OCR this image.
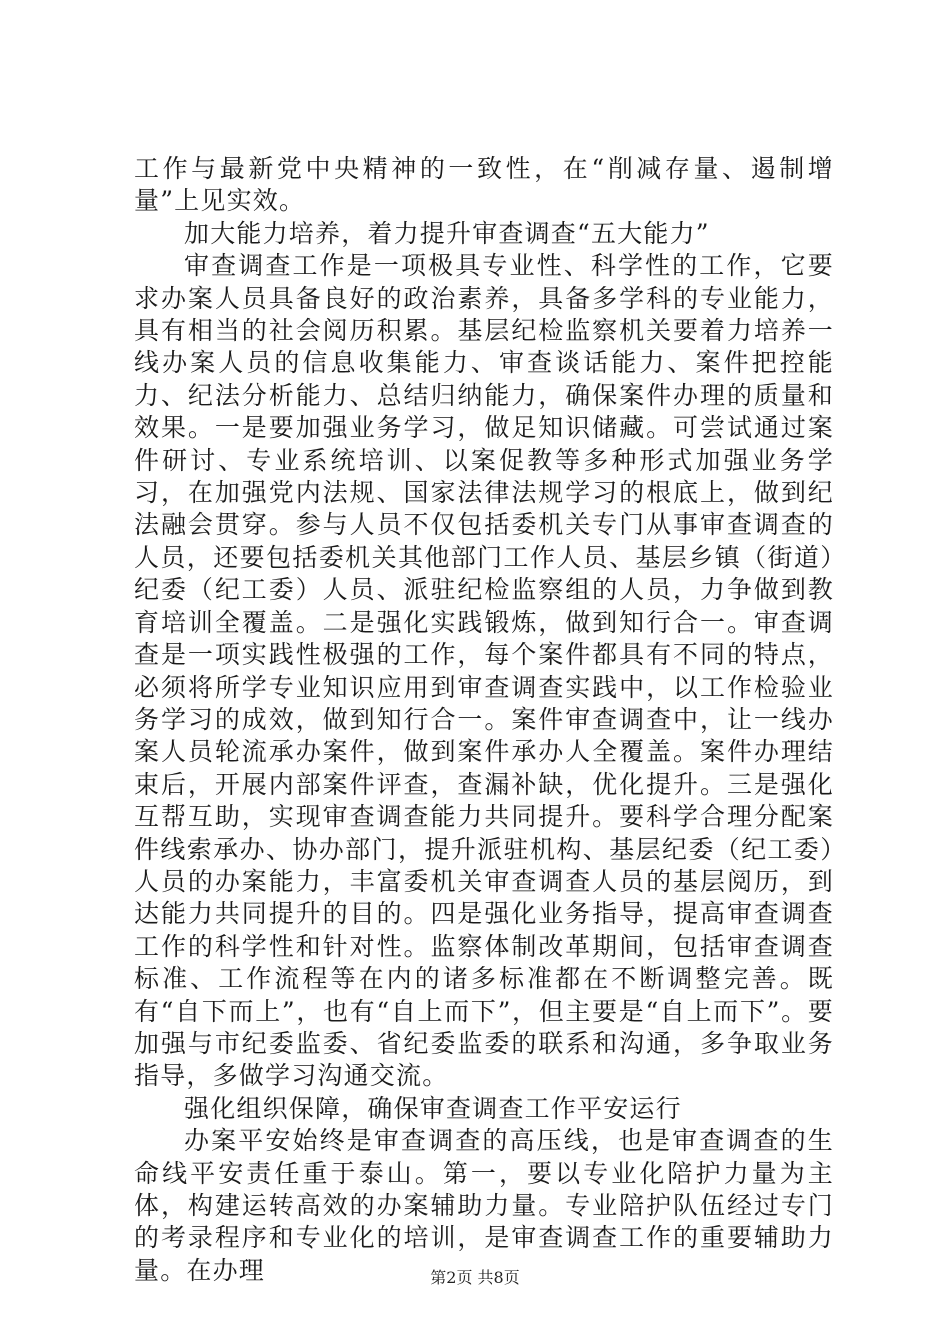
工作与最新党中央精神的一致性，在“削减存量、遏制增量”上见实效。

加大能力培养，着力提升审查调查“五大能力”

审查调查工作是一项极具专业性、科学性的工作，它要求办案人员具备良好的政治素养，具备多学科的专业能力，具有相当的社会阅历积累。基层纪检监察机关要着力培养一线办案人员的信息收集能力、审查谈话能力、案件把控能力、纪法分析能力、总结归纳能力，确保案件办理的质量和效果。一是要加强业务学习，做足知识储藏。可尝试通过案件研讨、专业系统培训、以案促教等多种形式加强业务学习，在加强党内法规、国家法律法规学习的根底上，做到纪法融会贯穿。参与人员不仅包括委机关专门从事审查调查的人员，还要包括委机关其他部门工作人员、基层乡镇（街道）纪委（纪工委）人员、派驻纪检监察组的人员，力争做到教育培训全覆盖。二是强化实践锻炼，做到知行合一。审查调查是一项实践性极强的工作，每个案件都具有不同的特点，必须将所学专业知识应用到审查调查实践中，以工作检验业务学习的成效，做到知行合一。案件审查调查中，让一线办案人员轮流承办案件，做到案件承办人全覆盖。案件办理结束后，开展内部案件评查，查漏补缺，优化提升。三是强化互帮互助，实现审查调查能力共同提升。要科学合理分配案件线索承办、协办部门，提升派驻机构、基层纪委（纪工委）人员的办案能力，丰富委机关审查调查人员的基层阅历，到达能力共同提升的目的。四是强化业务指导，提高审查调查工作的科学性和针对性。监察体制改革期间，包括审查调查标准、工作流程等在内的诸多标准都在不断调整完善。既有“自下而上”，也有“自上而下”，但主要是“自上而下”。要加强与市纪委监委、省纪委监委的联系和沟通，多争取业务指导，多做学习沟通交流。

强化组织保障，确保审查调查工作平安运行

办案平安始终是审查调查的高压线，也是审查调查的生命线平安责任重于泰山。第一，要以专业化陪护力量为主体，构建运转高效的办案辅助力量。专业陪护队伍经过专门的考录程序和专业化的培训，是审查调查工作的重要辅助力量。在办理	第2页 共8页
